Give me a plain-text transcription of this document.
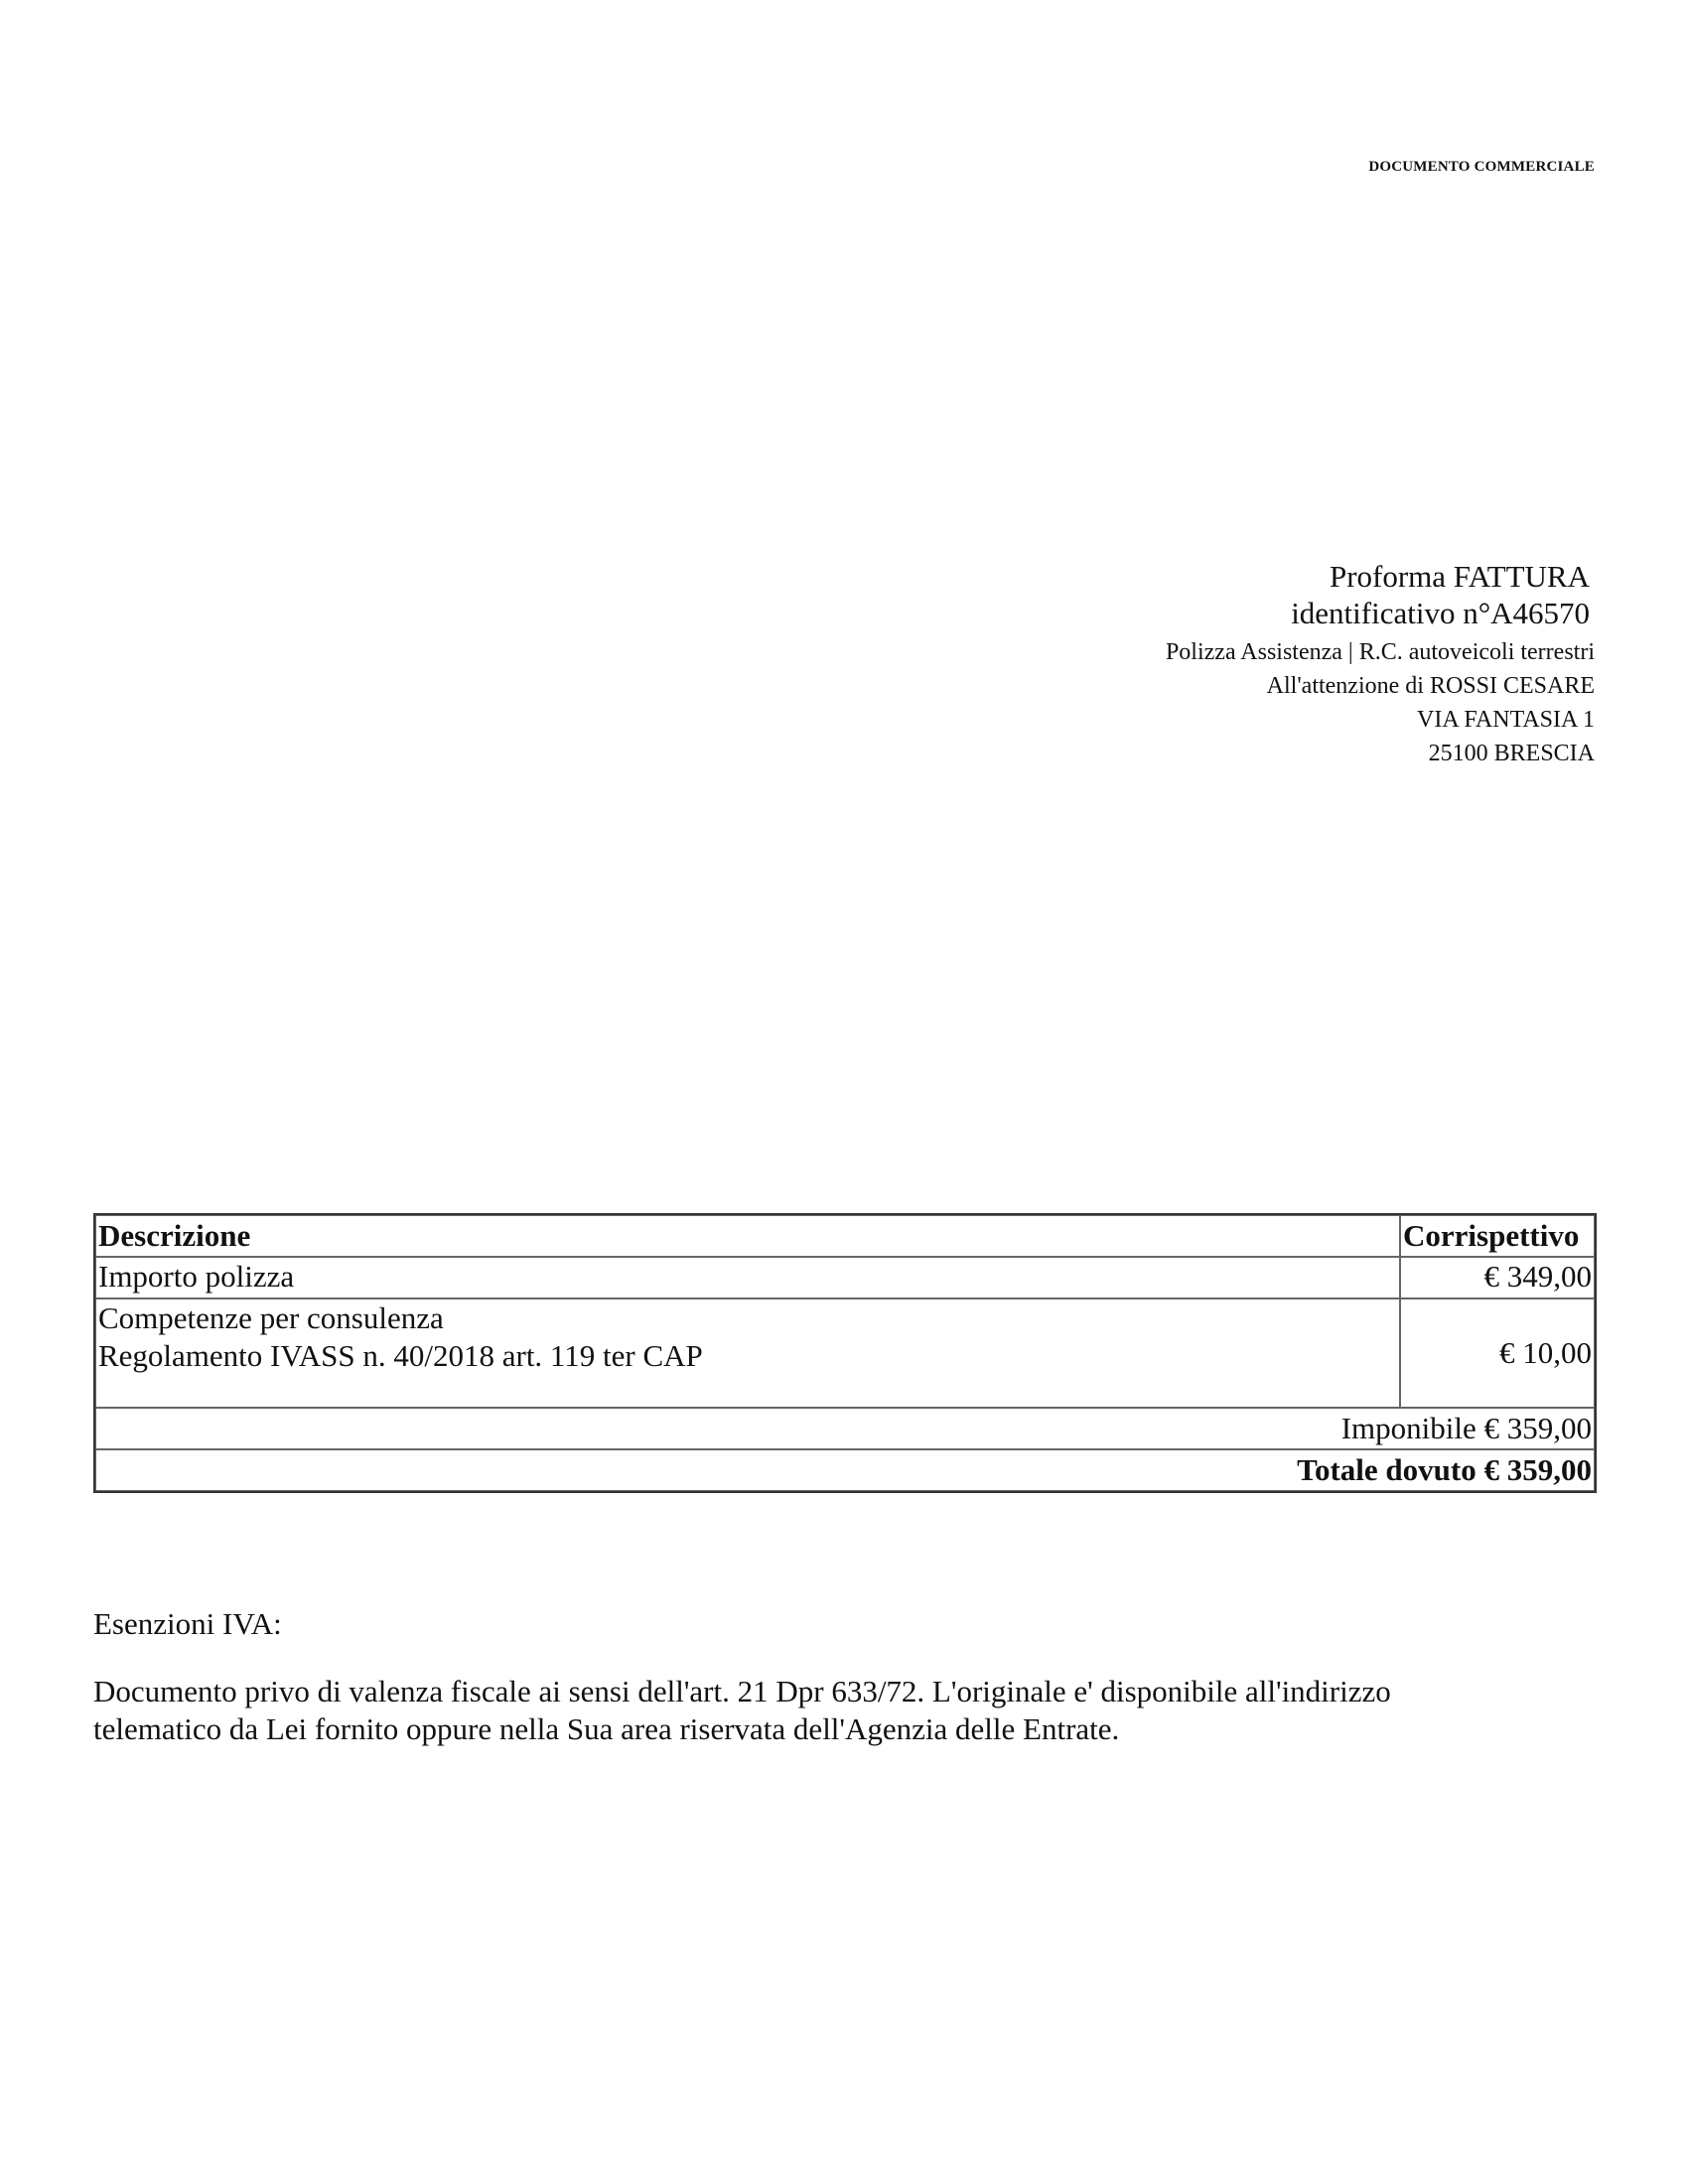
DOCUMENTO COMMERCIALE
Proforma FATTURA
identificativo n°A46570
Polizza Assistenza | R.C. autoveicoli terrestri
All'attenzione di ROSSI CESARE
VIA FANTASIA 1
25100 BRESCIA
Descrizione	Corrispettivo

Importo polizza	€ 349,00

Competenze per consulenza
Regolamento IVASS n. 40/2018 art. 119 ter CAP	€ 10,00
Imponibile € 359,00	
Totale dovuto € 359,00	
Esenzioni IVA:
Documento privo di valenza fiscale ai sensi dell'art. 21 Dpr 633/72. L'originale e' disponibile all'indirizzo
telematico da Lei fornito oppure nella Sua area riservata dell'Agenzia delle Entrate.
